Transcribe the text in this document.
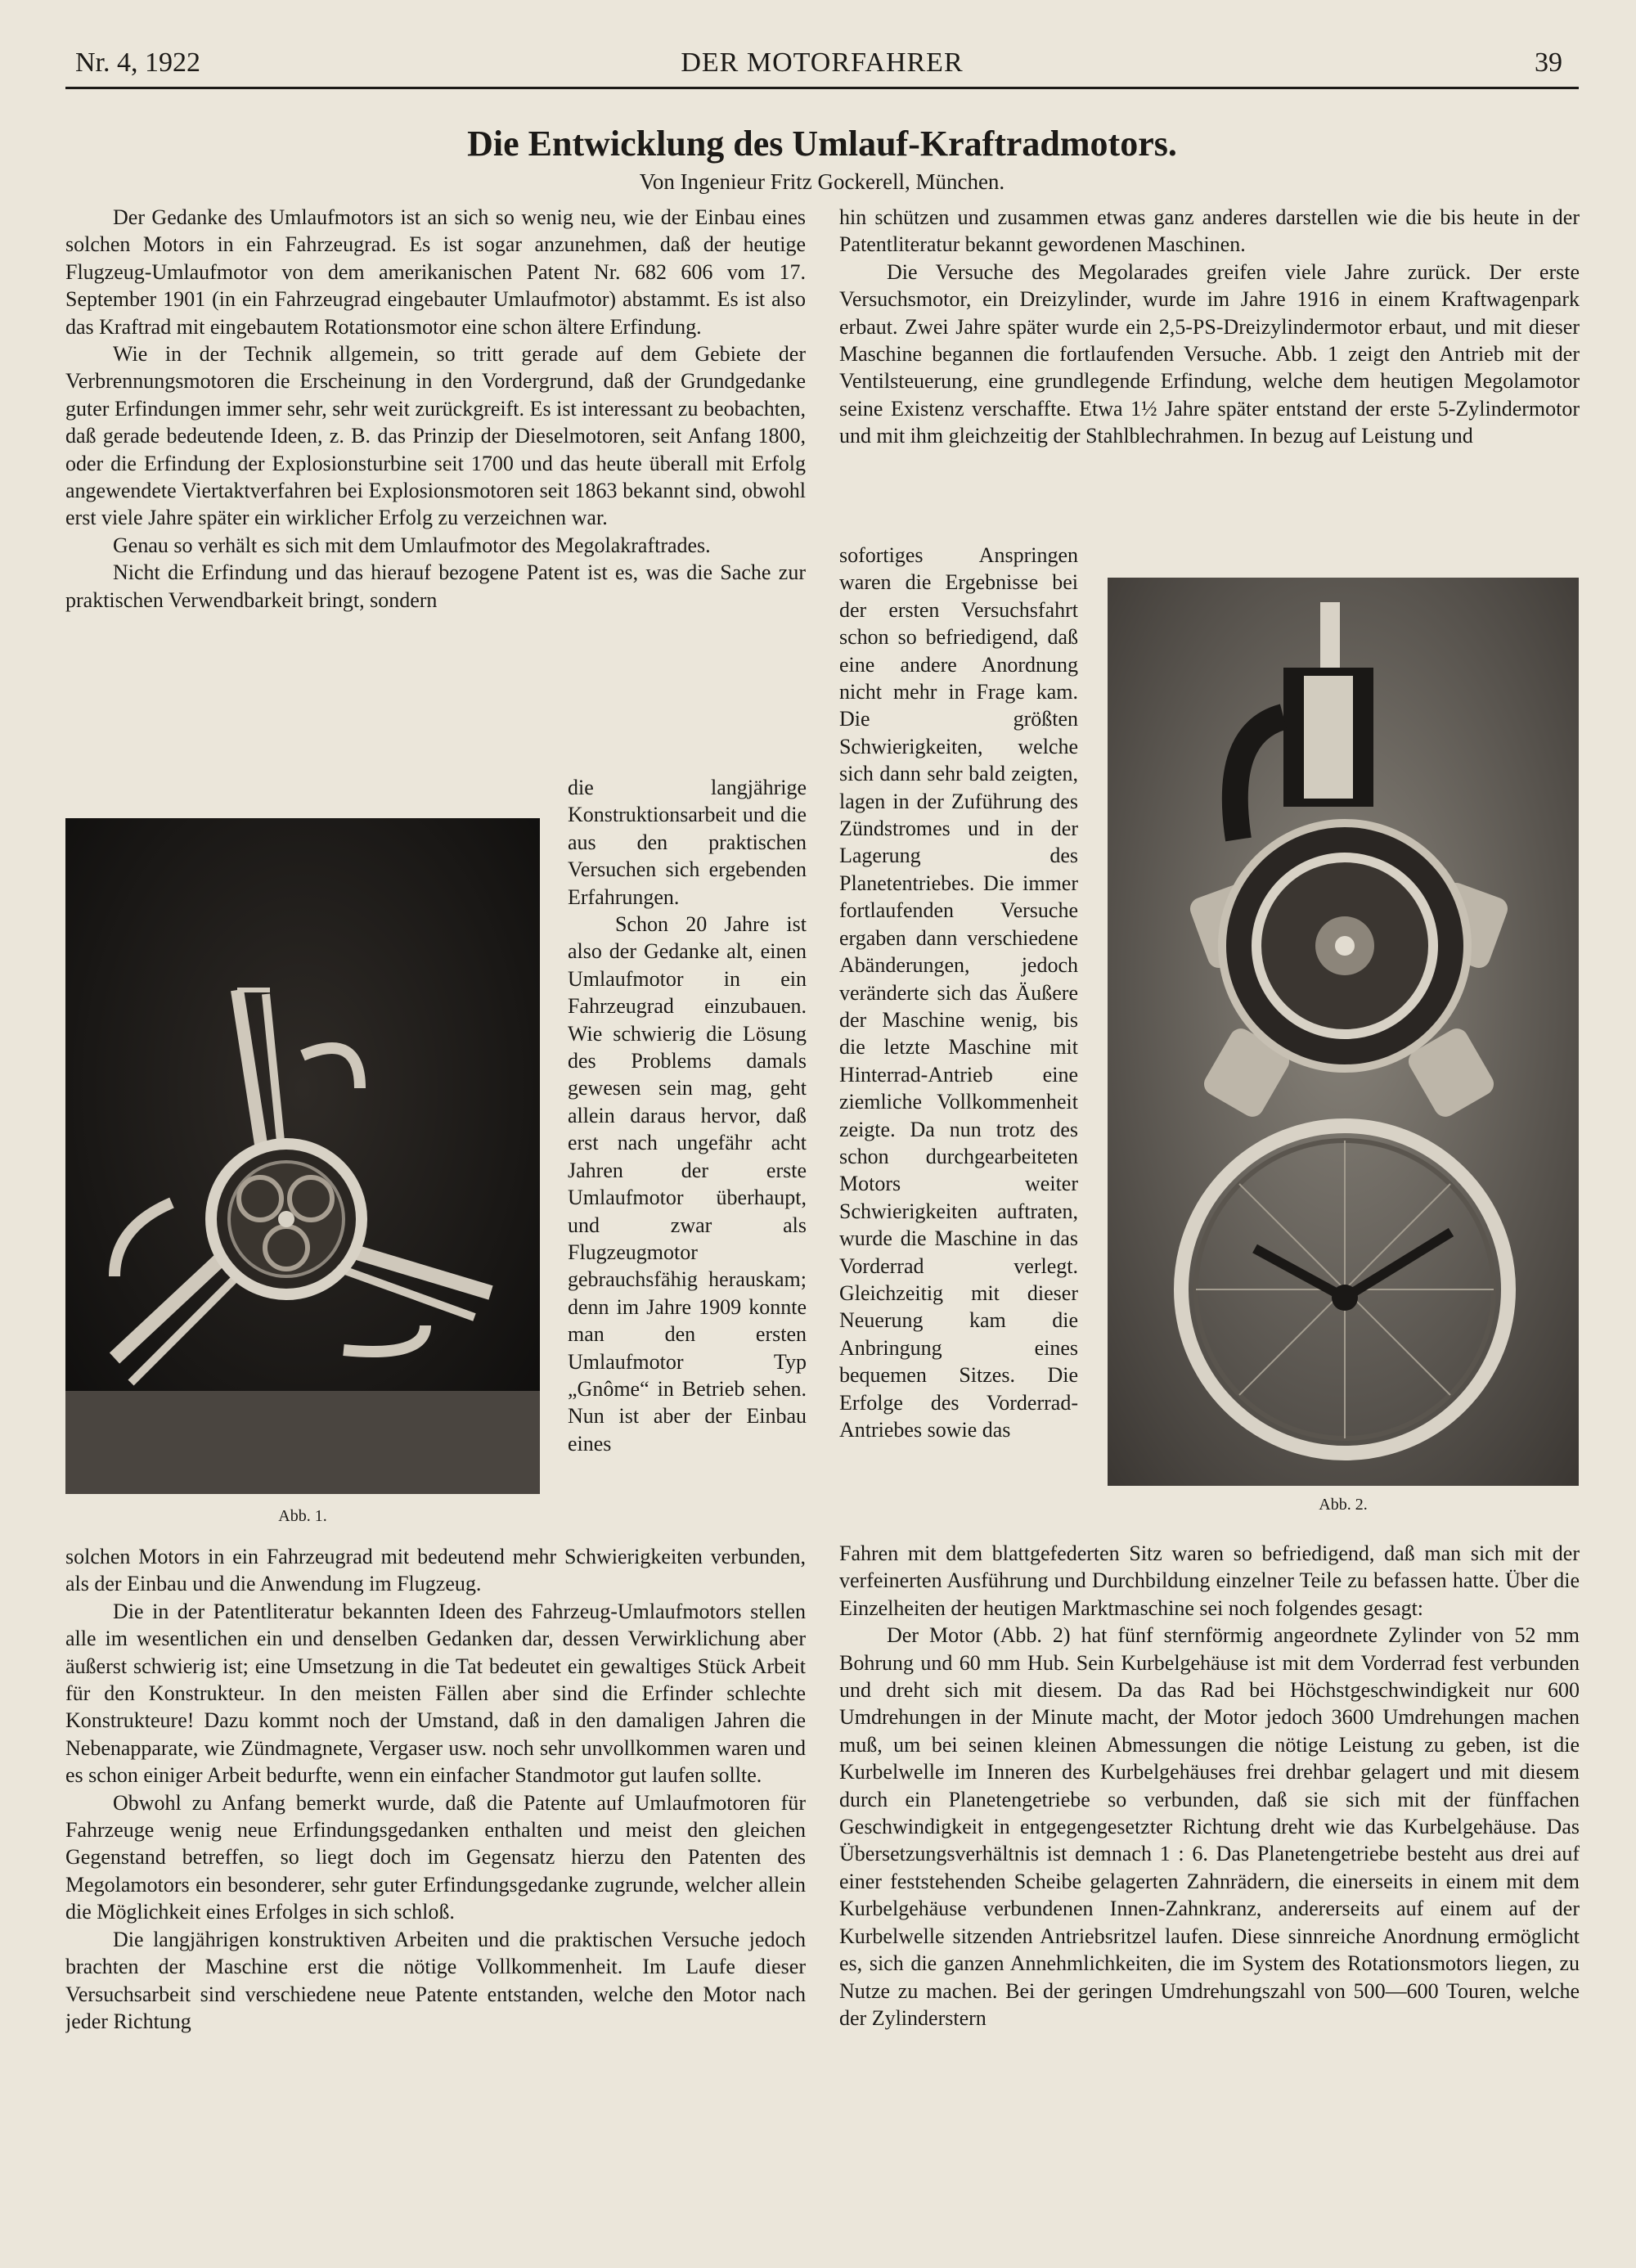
Nr. 4, 1922	DER MOTORFAHRER	39
Die Entwicklung des Umlauf-Kraftradmotors.
Von Ingenieur Fritz Gockerell, München.

Der Gedanke des Umlaufmotors ist an sich so wenig neu, wie der Einbau eines solchen Motors in ein Fahrzeugrad. Es ist sogar anzunehmen, daß der heutige Flugzeug-Umlaufmotor von dem amerikanischen Patent Nr. 682 606 vom 17. September 1901 (in ein Fahrzeugrad eingebauter Umlaufmotor) abstammt. Es ist also das Kraftrad mit eingebautem Rotationsmotor eine schon ältere Erfindung.

Wie in der Technik allgemein, so tritt gerade auf dem Gebiete der Verbrennungsmotoren die Erscheinung in den Vordergrund, daß der Grundgedanke guter Erfindungen immer sehr, sehr weit zurückgreift. Es ist interessant zu beobachten, daß gerade bedeutende Ideen, z. B. das Prinzip der Dieselmotoren, seit Anfang 1800, oder die Erfindung der Explosionsturbine seit 1700 und das heute überall mit Erfolg angewendete Viertaktverfahren bei Explosionsmotoren seit 1863 bekannt sind, obwohl erst viele Jahre später ein wirklicher Erfolg zu verzeichnen war.

Genau so verhält es sich mit dem Umlaufmotor des Megolakraftrades.

Nicht die Erfindung und das hierauf bezogene Patent ist es, was die Sache zur praktischen Verwendbarkeit bringt, sondern

Abb. 1.

die langjährige Konstruktionsarbeit und die aus den praktischen Versuchen sich ergebenden Erfahrungen.

Schon 20 Jahre ist also der Gedanke alt, einen Umlaufmotor in ein Fahrzeugrad einzubauen. Wie schwierig die Lösung des Problems damals gewesen sein mag, geht allein daraus hervor, daß erst nach ungefähr acht Jahren der erste Umlaufmotor überhaupt, und zwar als Flugzeugmotor gebrauchsfähig herauskam; denn im Jahre 1909 konnte man den ersten Umlaufmotor Typ „Gnôme“ in Betrieb sehen. Nun ist aber der Einbau eines

solchen Motors in ein Fahrzeugrad mit bedeutend mehr Schwierigkeiten verbunden, als der Einbau und die Anwendung im Flugzeug.

Die in der Patentliteratur bekannten Ideen des Fahrzeug-Umlaufmotors stellen alle im wesentlichen ein und denselben Gedanken dar, dessen Verwirklichung aber äußerst schwierig ist; eine Umsetzung in die Tat bedeutet ein gewaltiges Stück Arbeit für den Konstrukteur. In den meisten Fällen aber sind die Erfinder schlechte Konstrukteure! Dazu kommt noch der Umstand, daß in den damaligen Jahren die Nebenapparate, wie Zündmagnete, Vergaser usw. noch sehr unvollkommen waren und es schon einiger Arbeit bedurfte, wenn ein einfacher Standmotor gut laufen sollte.

Obwohl zu Anfang bemerkt wurde, daß die Patente auf Umlaufmotoren für Fahrzeuge wenig neue Erfindungsgedanken enthalten und meist den gleichen Gegenstand betreffen, so liegt doch im Gegensatz hierzu den Patenten des Megolamotors ein besonderer, sehr guter Erfindungsgedanke zugrunde, welcher allein die Möglichkeit eines Erfolges in sich schloß.

Die langjährigen konstruktiven Arbeiten und die praktischen Versuche jedoch brachten der Maschine erst die nötige Vollkommenheit. Im Laufe dieser Versuchsarbeit sind verschiedene neue Patente entstanden, welche den Motor nach jeder Richtung

hin schützen und zusammen etwas ganz anderes darstellen wie die bis heute in der Patentliteratur bekannt gewordenen Maschinen.

Die Versuche des Megolarades greifen viele Jahre zurück. Der erste Versuchsmotor, ein Dreizylinder, wurde im Jahre 1916 in einem Kraftwagenpark erbaut. Zwei Jahre später wurde ein 2,5-PS-Dreizylindermotor erbaut, und mit dieser Maschine begannen die fortlaufenden Versuche. Abb. 1 zeigt den Antrieb mit der Ventilsteuerung, eine grundlegende Erfindung, welche dem heutigen Megolamotor seine Existenz verschaffte. Etwa 1½ Jahre später entstand der erste 5-Zylindermotor und mit ihm gleichzeitig der Stahlblechrahmen. In bezug auf Leistung und

sofortiges Anspringen waren die Ergebnisse bei der ersten Versuchsfahrt schon so befriedigend, daß eine andere Anordnung nicht mehr in Frage kam. Die größten Schwierigkeiten, welche sich dann sehr bald zeigten, lagen in der Zuführung des Zündstromes und in der Lagerung des Planetentriebes. Die immer fortlaufenden Versuche ergaben dann verschiedene Abänderungen, jedoch veränderte sich das Äußere der Maschine wenig, bis die letzte Maschine mit Hinterrad-Antrieb eine ziemliche Vollkommenheit zeigte. Da nun trotz des schon durchgearbeiteten Motors weiter Schwierigkeiten auftraten, wurde die Maschine in das Vorderrad verlegt. Gleichzeitig mit dieser Neuerung kam die Anbringung eines bequemen Sitzes. Die Erfolge des Vorderrad-Antriebes sowie das

Abb. 2.

Fahren mit dem blattgefederten Sitz waren so befriedigend, daß man sich mit der verfeinerten Ausführung und Durchbildung einzelner Teile zu befassen hatte. Über die Einzelheiten der heutigen Marktmaschine sei noch folgendes gesagt:

Der Motor (Abb. 2) hat fünf sternförmig angeordnete Zylinder von 52 mm Bohrung und 60 mm Hub. Sein Kurbelgehäuse ist mit dem Vorderrad fest verbunden und dreht sich mit diesem. Da das Rad bei Höchstgeschwindigkeit nur 600 Umdrehungen in der Minute macht, der Motor jedoch 3600 Umdrehungen machen muß, um bei seinen kleinen Abmessungen die nötige Leistung zu geben, ist die Kurbelwelle im Inneren des Kurbelgehäuses frei drehbar gelagert und mit diesem durch ein Planetengetriebe so verbunden, daß sie sich mit der fünffachen Geschwindigkeit in entgegengesetzter Richtung dreht wie das Kurbelgehäuse. Das Übersetzungsverhältnis ist demnach 1 : 6. Das Planetengetriebe besteht aus drei auf einer feststehenden Scheibe gelagerten Zahnrädern, die einerseits in einem mit dem Kurbelgehäuse verbundenen Innen-Zahnkranz, andererseits auf einem auf der Kurbelwelle sitzenden Antriebsritzel laufen. Diese sinnreiche Anordnung ermöglicht es, sich die ganzen Annehmlichkeiten, die im System des Rotationsmotors liegen, zu Nutze zu machen. Bei der geringen Umdrehungszahl von 500—600 Touren, welche der Zylinderstern
